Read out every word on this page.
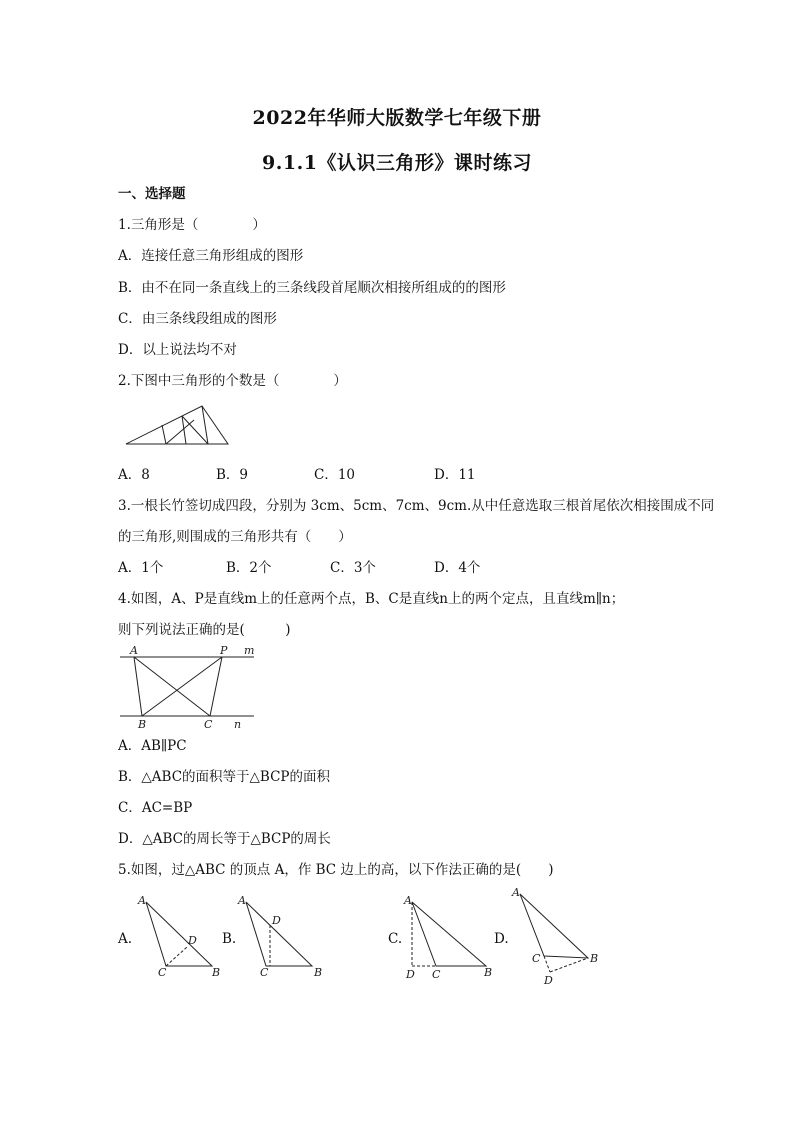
2022年华师大版数学七年级下册
9.1.1《认识三角形》课时练习
一、选择题
1.三角形是（　　　　）
A．连接任意三角形组成的图形
B．由不在同一条直线上的三条线段首尾顺次相接所组成的的图形
C．由三条线段组成的图形
D．以上说法均不对
2.下图中三角形的个数是（　　　　）
A．8	B．9	C．10	D．11
3.一根长竹签切成四段，分别为 3cm、5cm、7cm、9cm.从中任意选取三根首尾依次相接围成不同
的三角形,则围成的三角形共有（　　）
A．1个	B．2个	C．3个	D．4个
4.如图，A、P是直线m上的任意两个点，B、C是直线n上的两个定点，且直线m∥n；
则下列说法正确的是(　　　)
A	P m
B	C n
A．AB∥PC
B．△ABC的面积等于△BCP的面积
C．AC=BP
D．△ABC的周长等于△BCP的周长
5.如图，过△ABC 的顶点 A，作 BC 边上的高，以下作法正确的是(　　)
A.
A
D
C	B
B.
A
D
C	B
C.
A
D C	B
D.
A
C	B
D
